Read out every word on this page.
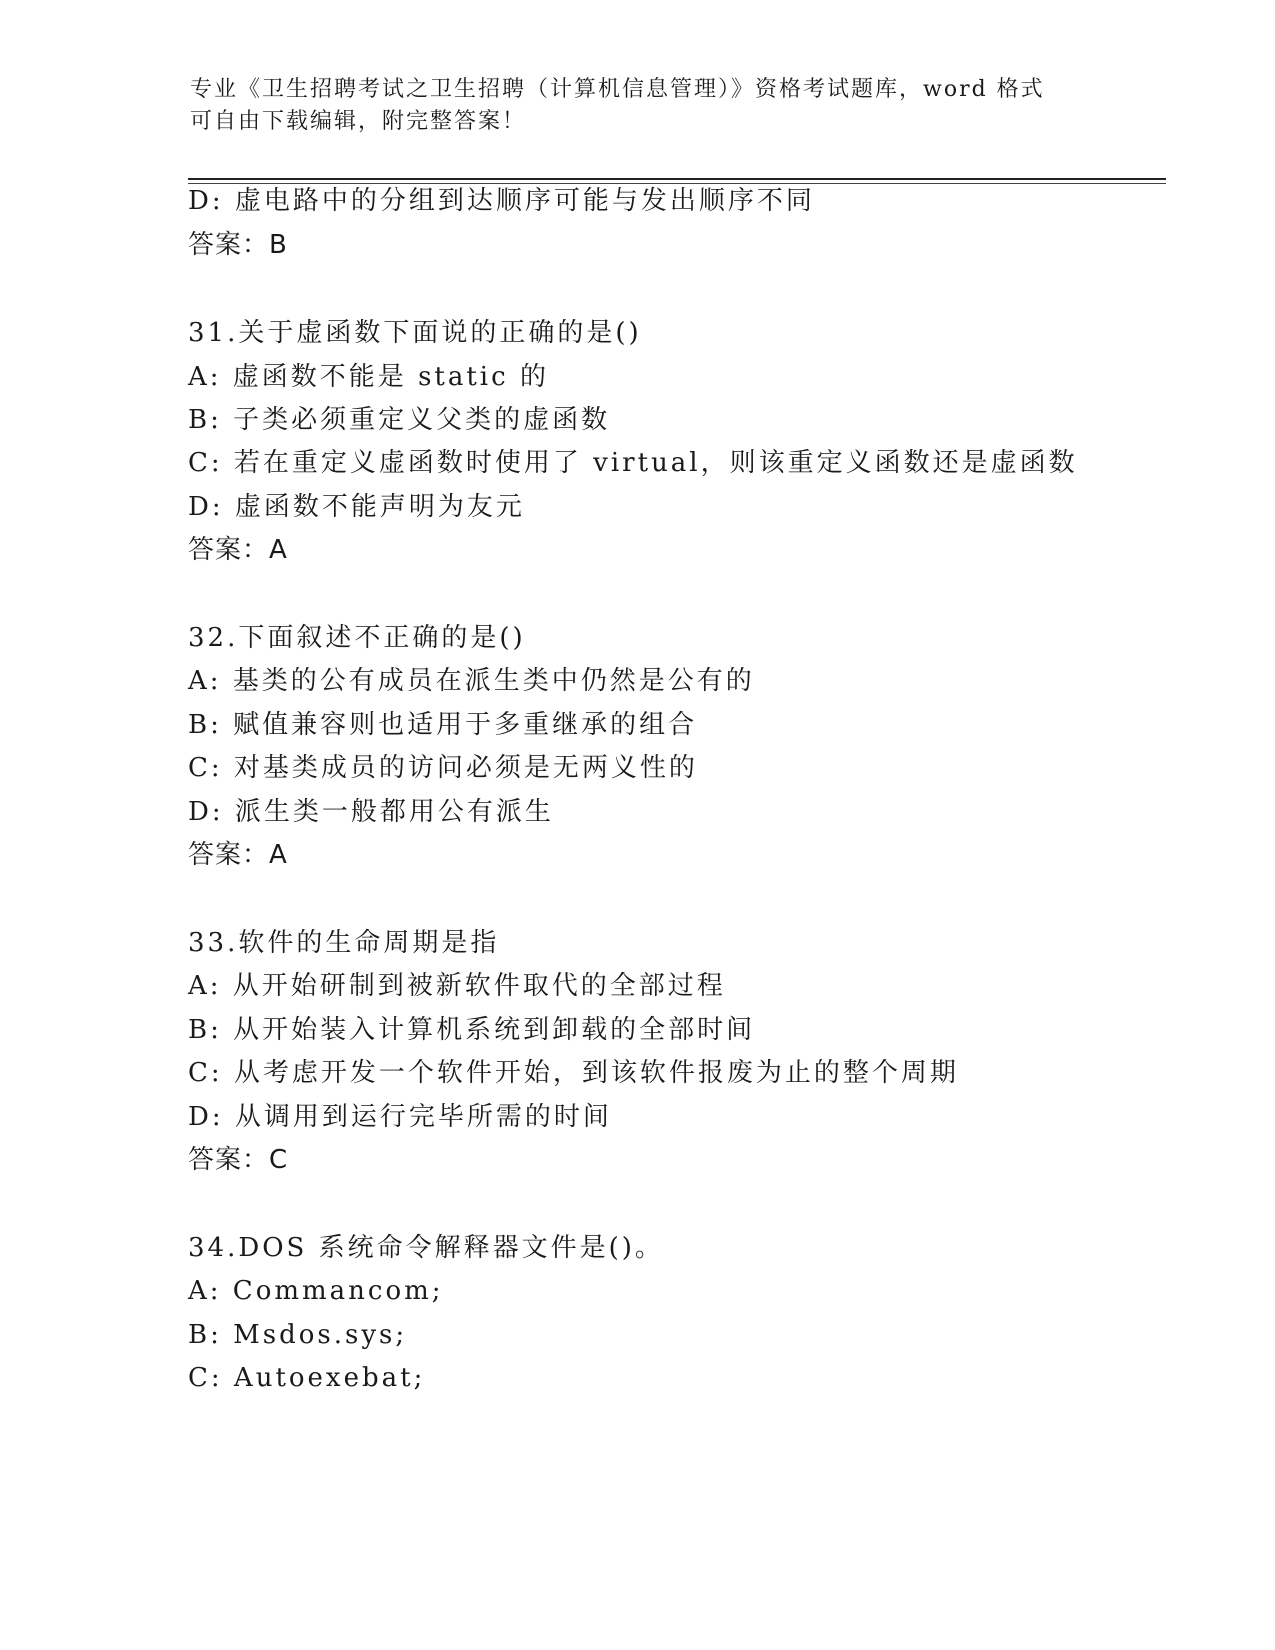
专业《卫生招聘考试之卫生招聘（计算机信息管理）》资格考试题库，word 格式
可自由下载编辑，附完整答案！
D: 虚电路中的分组到达顺序可能与发出顺序不同
答案：B
31.关于虚函数下面说的正确的是()
A: 虚函数不能是 static 的
B: 子类必须重定义父类的虚函数
C: 若在重定义虚函数时使用了 virtual，则该重定义函数还是虚函数
D: 虚函数不能声明为友元
答案：A
32.下面叙述不正确的是()
A: 基类的公有成员在派生类中仍然是公有的
B: 赋值兼容则也适用于多重继承的组合
C: 对基类成员的访问必须是无两义性的
D: 派生类一般都用公有派生
答案：A
33.软件的生命周期是指
A: 从开始研制到被新软件取代的全部过程
B: 从开始装入计算机系统到卸载的全部时间
C: 从考虑开发一个软件开始，到该软件报废为止的整个周期
D: 从调用到运行完毕所需的时间
答案：C
34.DOS 系统命令解释器文件是()。
A: Commancom;
B: Msdos.sys;
C: Autoexebat;
